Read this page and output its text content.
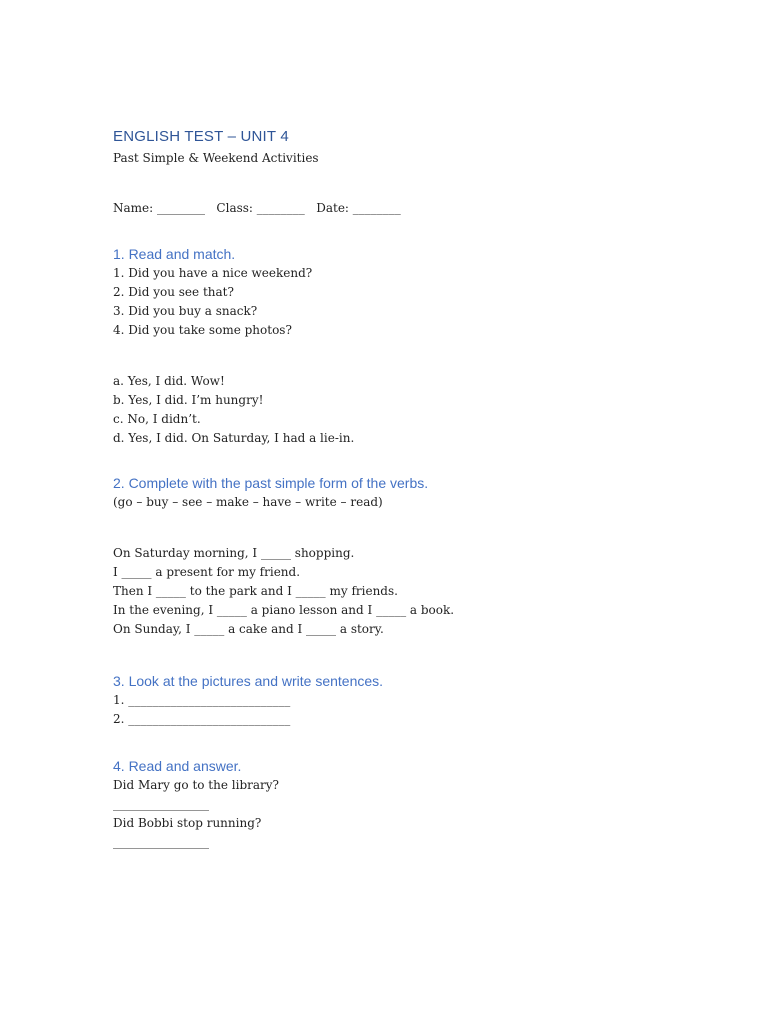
ENGLISH TEST – UNIT 4
Past Simple & Weekend Activities
Name: ________   Class: ________   Date: ________
1. Read and match.
1. Did you have a nice weekend?
2. Did you see that?
3. Did you buy a snack?
4. Did you take some photos?
a. Yes, I did. Wow!
b. Yes, I did. I’m hungry!
c. No, I didn’t.
d. Yes, I did. On Saturday, I had a lie-in.
2. Complete with the past simple form of the verbs.
(go – buy – see – make – have – write – read)
On Saturday morning, I _____ shopping.
I _____ a present for my friend.
Then I _____ to the park and I _____ my friends.
In the evening, I _____ a piano lesson and I _____ a book.
On Sunday, I _____ a cake and I _____ a story.
3. Look at the pictures and write sentences.
1. ___________________________
2. ___________________________
4. Read and answer.
Did Mary go to the library?
________________
Did Bobbi stop running?
________________
